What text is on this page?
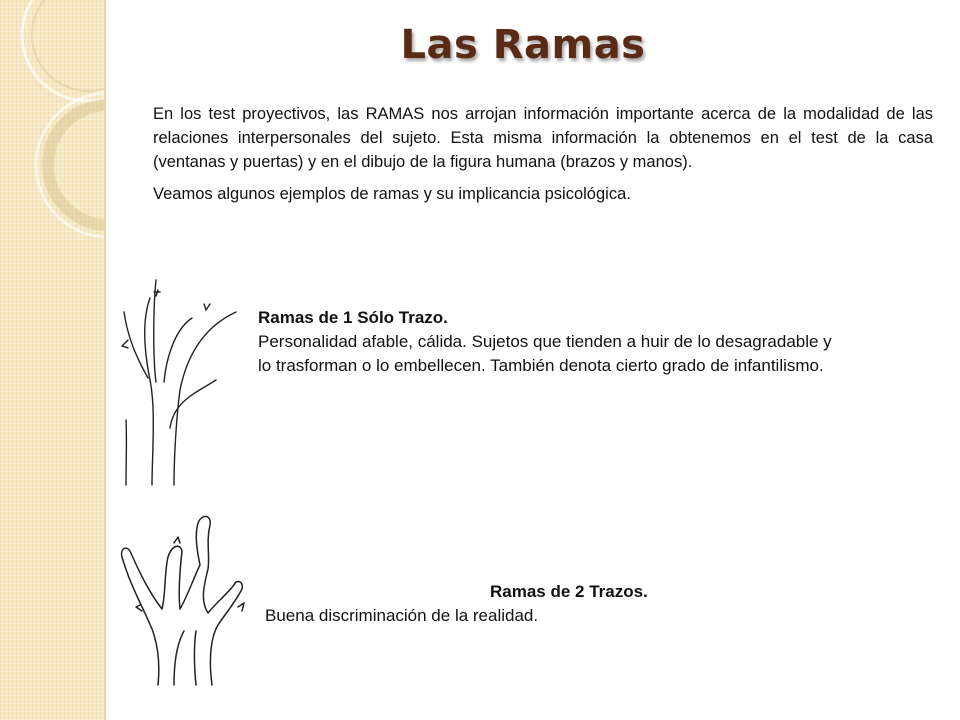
Las Ramas

En los test proyectivos, las RAMAS nos arrojan información importante acerca de la modalidad de las relaciones interpersonales del sujeto. Esta misma información la obtenemos en el test de la casa (ventanas y puertas) y en el dibujo de la figura humana (brazos y manos).

Veamos algunos ejemplos de ramas y su implicancia psicológica.

Ramas de 1 Sólo Trazo.
Personalidad afable, cálida. Sujetos que tienden a huir de lo desagradable y
lo trasforman o lo embellecen. También denota cierto grado de infantilismo.
Ramas de 2 Trazos.
Buena discriminación de la realidad.
